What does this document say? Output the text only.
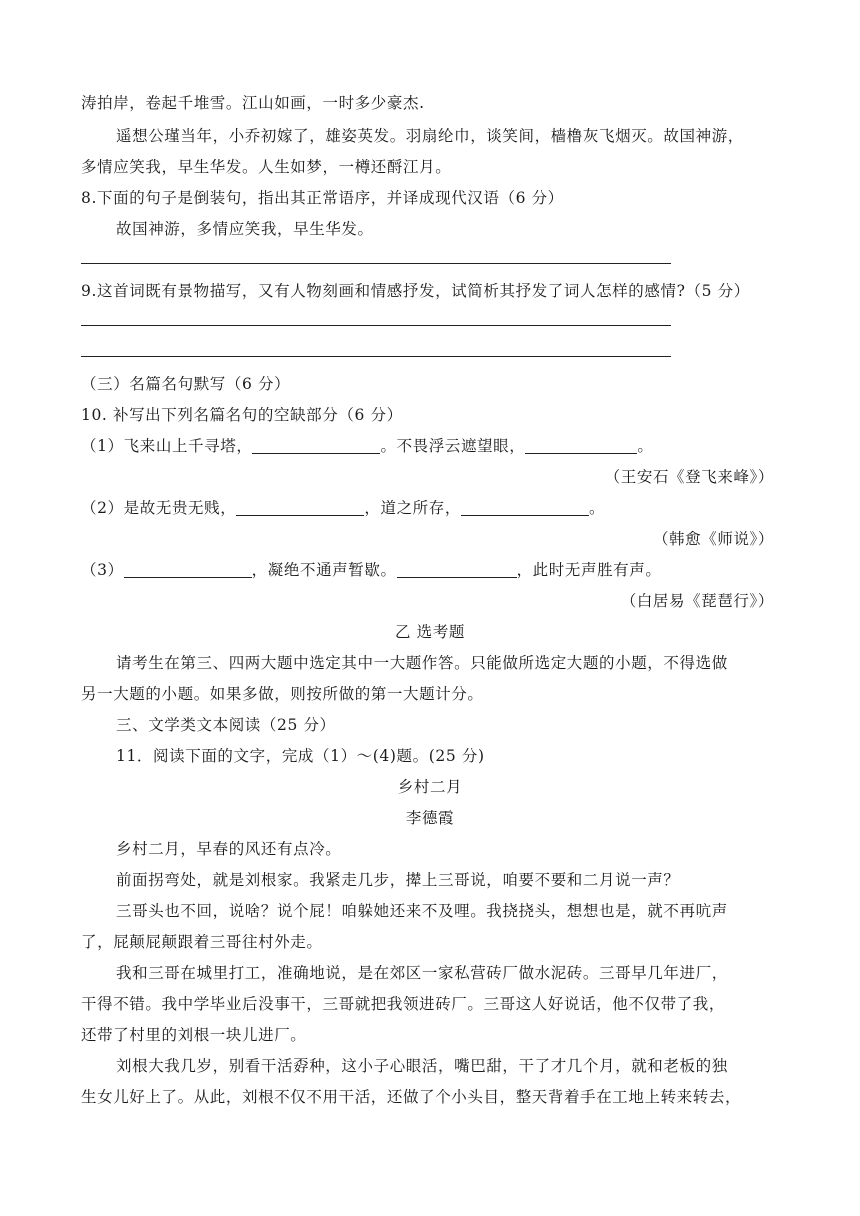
涛拍岸，卷起千堆雪。江山如画，一时多少豪杰.
遥想公瑾当年，小乔初嫁了，雄姿英发。羽扇纶巾，谈笑间，樯橹灰飞烟灭。故国神游，
多情应笑我，早生华发。人生如梦，一樽还酹江月。
8.下面的句子是倒装句，指出其正常语序，并译成现代汉语（6 分）
故国神游，多情应笑我，早生华发。
9.这首词既有景物描写，又有人物刻画和情感抒发，试简析其抒发了词人怎样的感情?（5 分）
（三）名篇名句默写（6 分）
10. 补写出下列名篇名句的空缺部分（6 分）
（1）飞来山上千寻塔，	。不畏浮云遮望眼，	。
（王安石《登飞来峰》）
（2）是故无贵无贱，	，道之所存，	。
（韩愈《师说》）
（3）	，凝绝不通声暂歇。	，此时无声胜有声。
（白居易《琵琶行》）
乙 选考题
请考生在第三、四两大题中选定其中一大题作答。只能做所选定大题的小题，不得选做
另一大题的小题。如果多做，则按所做的第一大题计分。
三、文学类文本阅读（25 分）
11．阅读下面的文字，完成（1）～(4)题。(25 分)
乡村二月
李德霞
乡村二月，早春的风还有点冷。
前面拐弯处，就是刘根家。我紧走几步，撵上三哥说，咱要不要和二月说一声？
三哥头也不回，说啥？说个屁！咱躲她还来不及哩。我挠挠头，想想也是，就不再吭声
了，屁颠屁颠跟着三哥往村外走。
我和三哥在城里打工，准确地说，是在郊区一家私营砖厂做水泥砖。三哥早几年进厂，
干得不错。我中学毕业后没事干，三哥就把我领进砖厂。三哥这人好说话，他不仅带了我，
还带了村里的刘根一块儿进厂。
刘根大我几岁，别看干活孬种，这小子心眼活，嘴巴甜，干了才几个月，就和老板的独
生女儿好上了。从此，刘根不仅不用干活，还做了个小头目，整天背着手在工地上转来转去，
